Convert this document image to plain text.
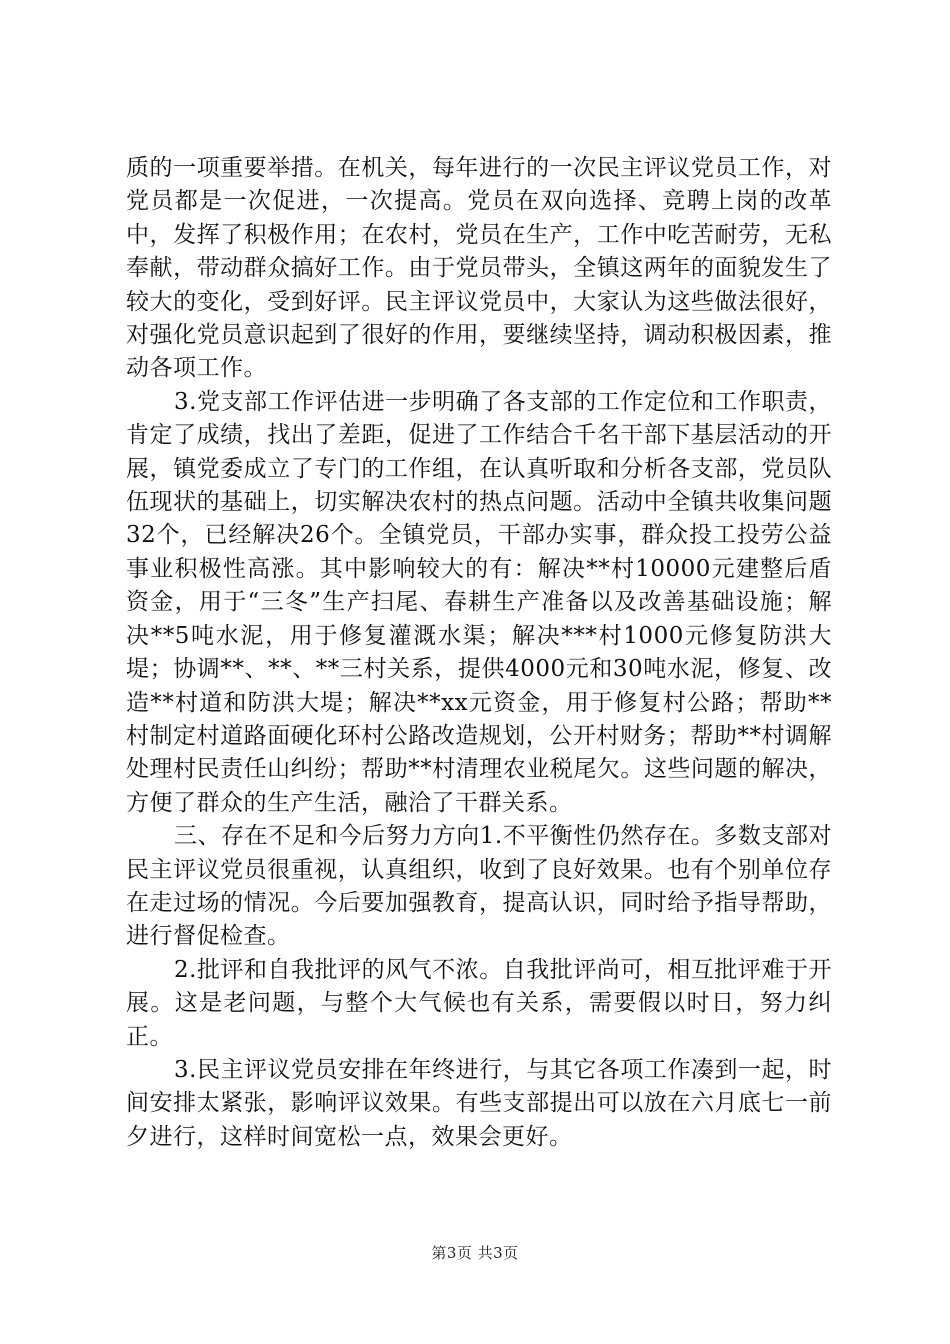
质的一项重要举措。在机关，每年进行的一次民主评议党员工作，对党员都是一次促进，一次提高。党员在双向选择、竞聘上岗的改革中，发挥了积极作用；在农村，党员在生产，工作中吃苦耐劳，无私奉献，带动群众搞好工作。由于党员带头，全镇这两年的面貌发生了较大的变化，受到好评。民主评议党员中，大家认为这些做法很好，对强化党员意识起到了很好的作用，要继续坚持，调动积极因素，推动各项工作。

3.党支部工作评估进一步明确了各支部的工作定位和工作职责，肯定了成绩，找出了差距，促进了工作结合千名干部下基层活动的开展，镇党委成立了专门的工作组，在认真听取和分析各支部，党员队伍现状的基础上，切实解决农村的热点问题。活动中全镇共收集问题32个，已经解决26个。全镇党员，干部办实事，群众投工投劳公益事业积极性高涨。其中影响较大的有：解决**村10000元建整后盾资金，用于“三冬”生产扫尾、春耕生产准备以及改善基础设施；解决**5吨水泥，用于修复灌溉水渠；解决***村1000元修复防洪大堤；协调**、**、**三村关系，提供4000元和30吨水泥，修复、改造**村道和防洪大堤；解决**xx元资金，用于修复村公路；帮助**村制定村道路面硬化环村公路改造规划，公开村财务；帮助**村调解处理村民责任山纠纷；帮助**村清理农业税尾欠。这些问题的解决，方便了群众的生产生活，融洽了干群关系。

三、存在不足和今后努力方向1.不平衡性仍然存在。多数支部对民主评议党员很重视，认真组织，收到了良好效果。也有个别单位存在走过场的情况。今后要加强教育，提高认识，同时给予指导帮助，进行督促检查。

2.批评和自我批评的风气不浓。自我批评尚可，相互批评难于开展。这是老问题，与整个大气候也有关系，需要假以时日，努力纠正。

3.民主评议党员安排在年终进行，与其它各项工作凑到一起，时间安排太紧张，影响评议效果。有些支部提出可以放在六月底七一前夕进行，这样时间宽松一点，效果会更好。

第3页 共3页
